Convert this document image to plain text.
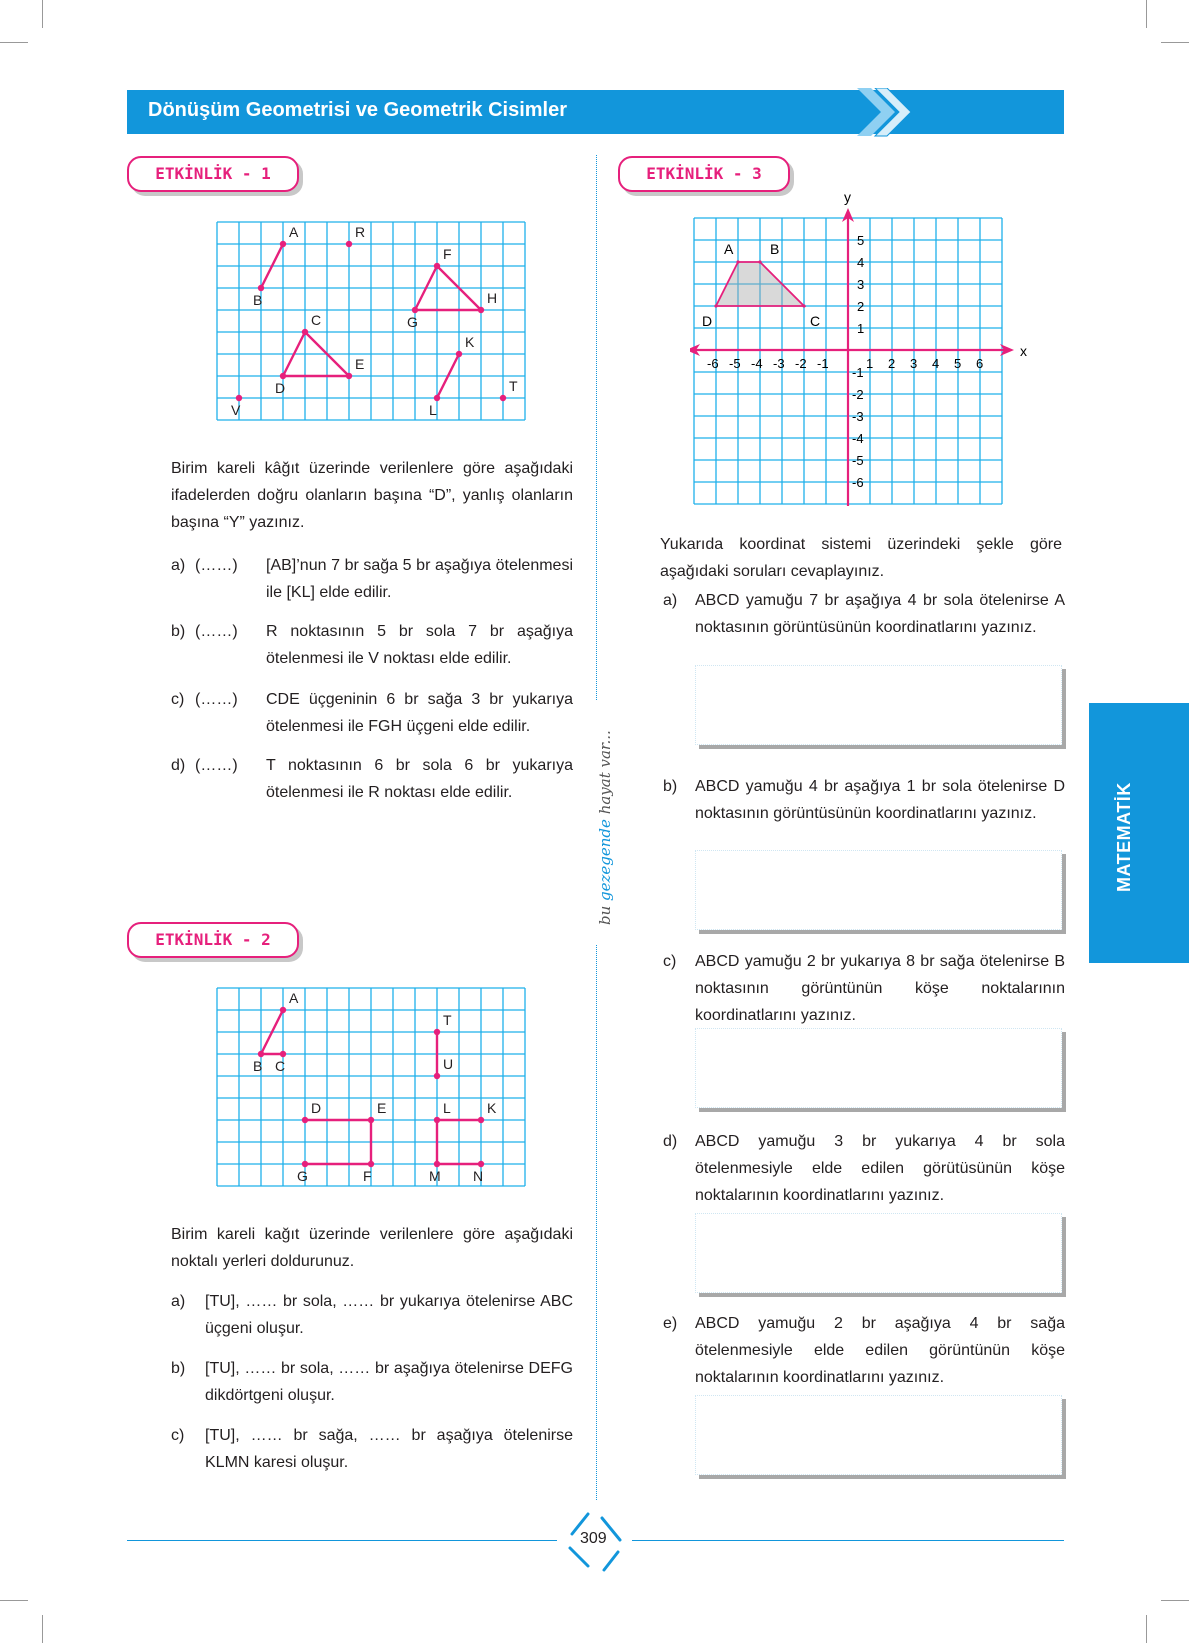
Dönüşüm Geometrisi ve Geometrik Cisimler
ETKİNLİK - 1
A
B
R
F
G
H
C
D
E
K
L
V
T
Birim kareli kâğıt üzerinde verilenlere göre aşağıdaki ifadelerden doğru olanların başına “D”, yanlış olanların başına “Y” yazınız.
a) (……) [AB]’nun 7 br sağa 5 br aşağıya ötelenmesi ile [KL] elde edilir.
b) (……) R noktasının 5 br sola 7 br aşağıya ötelenmesi ile V noktası elde edilir.
c) (……) CDE üçgeninin 6 br sağa 3 br yukarıya ötelenmesi ile FGH üçgeni elde edilir.
d) (……) T noktasının 6 br sola 6 br yukarıya ötelenmesi ile R noktası elde edilir.
bu gezegende hayat var...
ETKİNLİK - 2
A
B C
T
U
D	E
F
G
L	K
M N
Birim kareli kağıt üzerinde verilenlere göre aşağıdaki noktalı yerleri doldurunuz.
a) [TU], …… br sola, …… br yukarıya ötelenirse ABC üçgeni oluşur.
b) [TU], …… br sola, …… br aşağıya ötelenirse DEFG dikdörtgeni oluşur.
c) [TU], …… br sağa, …… br aşağıya ötelenirse KLMN karesi oluşur.
ETKİNLİK - 3
x
y
-6 -5 -4 -3 -2 -1	1 2 3 4 5 6
5
4
3
2
1
-1
-2
-3
-4
-5
-6
A	B
C
D
Yukarıda koordinat sistemi üzerindeki şekle göre aşağıdaki soruları cevaplayınız.
a) ABCD yamuğu 7 br aşağıya 4 br sola ötelenirse A noktasının görüntüsünün koordinatlarını yazınız.
b) ABCD yamuğu 4 br aşağıya 1 br sola ötelenirse D noktasının görüntüsünün koordinatlarını yazınız.
c) ABCD yamuğu 2 br yukarıya 8 br sağa ötelenirse B noktasının görüntünün köşe noktalarının koordinatlarını yazınız.
d) ABCD yamuğu 3 br yukarıya 4 br sola ötelenmesiyle elde edilen görütüsünün köşe noktalarının koordinatlarını yazınız.
e) ABCD yamuğu 2 br aşağıya 4 br sağa ötelenmesiyle elde edilen görüntünün köşe noktalarının koordinatlarını yazınız.
MATEMATİK
309
